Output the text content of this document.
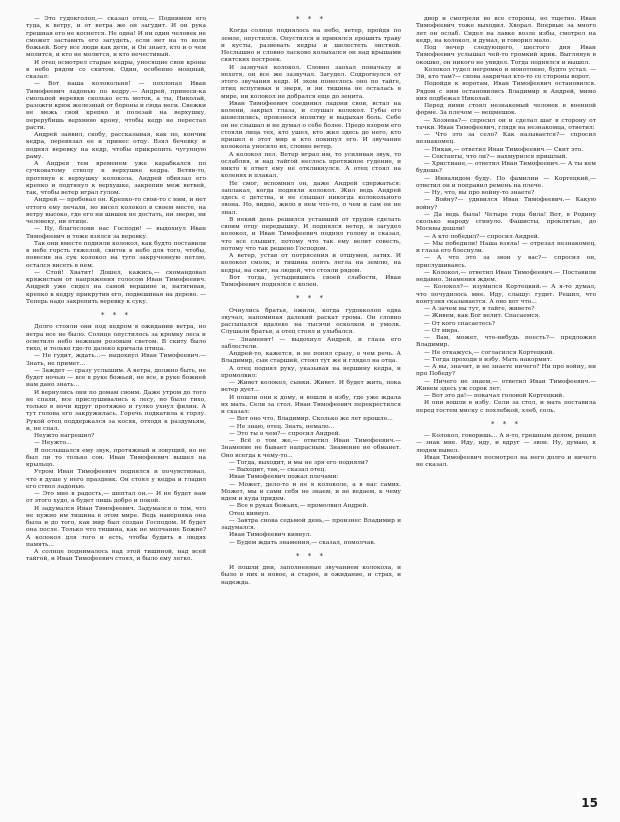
— Это гудокголоп,— сказал отец.— Поднимем его туда, к ветру, и от ветра же он загудит. И он рука грешная его не коснется. Не одна! И ни один человек не сможет заставить его загудеть, если нет на то воли божьей. Богу все люди как дети, и Он знает, кто и о чем молится, и кто не молится, и кто нечестивый.

И отец осмотрел старые кедры, уносящие свои кроны в небо рядом со скитом. Один, особенно мощный, сказал:

— Вот наша колокольня! — похлопал Иван Тимофеевич ладонью по кедру.— Андрей, принеси-ка смольной веревки сколько есть моток, а ты, Николай, разожги крюк железный от бороны и сюда неси. Свежки не межь свой крепко и полезай на верхушку, перерубишь верхнюю крону, чтобы кедр не перестал расти.

Андрей заявил, скобу, рассказывая, как по, кончик кедра, перевязал ее и принес отцу. Взял бечевку и поднял веревку на кедр, чтобы прикрепить чугунную раму.

А Андрея тем временем уже карабкался по сучковатому стволу к верхушке кедра. Ветви-то, протянув к верхушку колокола. Андрей обвязал его крепко и подтянул к верхушке, закрепив меж ветвей, так, чтобы ветер играл гулом.

Андрей — пробовал он. Крепко-то свои-то с ним, и нет оттого ему печали, но висел колокол в своем месте, на ветру высоко, где его ни шишек не достать, ни зверю, ни человеку, ни птице.

— Ну, благослови нас Господи! — выдохнул Иван Тимофеевич и тоже взялся за веревку.

Так они вместе подняли колокол, как будто поставили в небе горсть тяжелой, свиток в небо для того, чтобы, повесив на сук колокол на туго закрученную петлю, остался висеть в нем.

— Стой! Хватит! Дошел, кажись,— скомандовал кряжистым от напряжения голосом Иван Тимофеевич. Андрей уже сидел на самой вершине и, натягивая, крепко к кедру прикрутив его, подвешивая на дерево. — Теперь надо закрепить веревку к суку.

* * *

Долго стояли они под кедром в ожидании ветра, но ветра все не было. Солнце опустилось за кромку леса и осветило небо нежным розовым светом. В скиту было тихо, и только где-то далеко кричала птица.

— Не гудит, ждать...— выдохнул Иван Тимофеевич.— Знать, не примет...

— Заждет — сразу услышим. А ветра, должно быть, не будет ночью — все в руке божьей, не все, в руке божией нам дано знать...

И вернулись они по домам своим. Даже утром до того не спали, все прислушивались к лесу, но было тихо, только в ночи вдруг протяжно и гулко ухнул филин. А тут голова его закружилась. Горечь подкатила к горлу. Рукой отец поддержался за косяк, отходя к раздумьям, и, не спал.

Неужто нагрешил?

— Неужто...

Я послышался ему звук, протяжный и зовущий, но не был ли то только сон. Иван Тимофеевич вышел на крыльцо.

Утром Иван Тимофеевич поднялся и почувствовал, что в душе у него праздник. Он стоял у кедра и гладил его ствол ладонью.

— Это мне в радость,— шептал он.— И не будет нам от этого худо, а будет лишь добро и покой.

И задумался Иван Тимофеевич. Задумался о том, что не нужно им тишина в этом мире. Ведь наверняка она была и до того, как мир был создан Господом. И будет она после. Только что тишина, как не молчание Божие? А колокол для того и есть, чтобы будить в людях память...

А солнце поднималось над этой тишиной, над всей тайгой, и Иван Тимофеевич стоял, и было ему легко.

* * *

Когда солнце поднялось на небо, ветер, пройдя по земле, опустился. Опустился и принялся ерошить траву и кусты, развевать кедры и шелестеть листвой. Неслышно и словно ласково колыхался он над крышами скитских построек.

И зазвучал колокол. Словно заохал поначалу и нехотя, он все же зазвучал. Загудел. Содрогнулся от этого звучания кедр. И эхом понеслось оно по тайге, птиц вспугивая и зверя, и ни тишина не осталась в мире, ни колокол не добрался еще до зенита.

Иван Тимофеевич соединил ладони свои, встал на колени, закрыл глаза, и слушал колокол. Губы его шевелились, произнося молитву и выдыхая боль. Себе он не слышал и не думал о себе более. Предо взором его стояли лица тех, кто ушел, кто жил здесь до него, кто пришел в этот мир и кто покинул его. И звучание колокола уносило их, словно ветер.

А колокол пел. Ветер играл им, то усиливая звук, то ослабляя, и над тайгой неслось протяжное гудение, и никто в ответ ему не откликнулся. А отец стоял на коленях и плакал.

Не смог, вспомнил он, даже Андрей сдержаться: заплакал, когда подняли колокол. Жил ведь Андрей здесь с детства, и не слышал никогда колокольного звона. Но, видно, жило в нем что-то, о чем и сам он не знал.

В некий день решился уставший от трудов сделать своим отцу передышку. И поднялся ветер, и загудел колокол, и Иван Тимофеевич поднял голову и сказал, что все слышит, потому что так ему велит совесть, потому что так решено Господом.

А ветер, устав от потрясения и отшумев, затих. И колокол смолк, и тишина опять легла на землю, на кедры, на скит, на людей, что стояли рядом.

Вот тогда, устыдившись своей слабости, Иван Тимофеевич поднялся с колен.

* * *

Очнулись братья, ожили, когда гудокколоп едва звучал, напоминая далекий раскат грома. Он словно рассыпался вдалеке на тысячи осколков и умолк. Слушали братья, а отец стоял и улыбался.

— Знаменит! — выдохнул Андрей, и глаза его заблестели.

Андрей-то, кажется, и не понял сразу, о чем речь. А Владимир, сын старший, стоял тут же и глядел на отца.

А отец поднял руку, указывая на вершину кедра, и промолвил:

— Живет колокол, сынки. Живет. И будет жить, пока ветер дует...

И пошли они к дому, и вошли в избу, где уже ждала их мать. Сели за стол. Иван Тимофеевич перекрестился и сказал:

— Вот оно что, Владимир. Сколько же лет прошло...

— Не знаю, отец. Знать, немало...

— Это ты о чем?— спросил Андрей.

— Всё о том же,— ответил Иван Тимофеевич.— Знамение не бывает напрасным. Знамение не обманет. Оно всегда к чему-то...

— Тогда, выходит, и мы не зря его подняли?

— Выходит, так,— сказал отец.

Иван Тимофеевич пожал плечами:

— Может, дело-то и не в колоколе, а в нас самих. Может, мы и сами себя не знаем, и не ведаем, к чему идем и куда придем.

— Все в руках божьих,— промолвил Андрей.

Отец кивнул.

— Завтра снова седьмой день,— произнес Владимир и задумался.

Иван Тимофеевич кивнул.

— Будем ждать знамения,— сказал, помолчав.

* * *

И пошли дни, заполненные звучанием колокола, и было в них и новое, и старое, и ожидание, и страх, и надежда.

двор и смотрели во все стороны, но тщетно. Иван Тимофеевич тоже выходил. Хворал. Впервые за много лет он ослаб. Сидел на лавке возле избы, смотрел на кедр, на колокол, и думал, и говорил мало.

Под вечер следующего, шестого дня Иван Тимофеевич услышал чей-то громкий крик. Выглянув в окошко, он никого не увидел. Тогда поднялся и вышел.

Колокол гудел негромко и монотонно, будто устал. — Эй, кто там?— снова закричал кто-то со стороны ворот.

Подойдя к воротам, Иван Тимофеевич остановился. Рядом с ним остановились Владимир и Андрей, мимо них подбежал Николай.

Перед ними стоял незнакомый человек в военной форме. За плечом — вещмешок.

— Хозяева?— спросил он и сделал шаг в сторону от тачки. Иван Тимофеевич, глядя на незнакомца, ответил:

— Что это за село? Как называется?— спросил незнакомец.

— Никак,— ответил Иван Тимофеевич.— Скит это.

— Сектанты, что ли?— нахмурился пришлый.

— Христиане,— ответил Иван Тимофеевич.— А ты кем будешь?

— Инвалидом буду. По фамилии — Кортецкий,— ответил он и поправил ремень на плече.

— Ну, что, вы про войну-то знаете?

— Войну?— удивился Иван Тимофеевич.— Какую войну?

— Да ведь была! Четыре года била! Вот, в Родину сколько народу сгинуло. Фашисты, проклятые, до Москвы дошли!

— А кто победил?— спросил Андрей.

— Мы победили! Наша взяла! — отрезал незнакомец, и глаза его блеснули.

— А что это за звон у вас?— спросил он, прислушиваясь.

— Колокол,— ответил Иван Тимофеевич.— Поставили недавно. Знамения ждем.

— Колокол?— изумился Кортецкий.— А я-то думал, что почудилось мне. Иду, слышу: гудит. Решил, что контузия сказывается. А оно вот что...

— А зачем вы тут, в тайге, живете?

— Живем, как Бог велит. Спасаемся.

— От кого спасаетесь?

— От мира.

— Вам, может, что-нибудь поесть?— предложил Владимир.

— Не откажусь,— согласился Кортецкий.

— Тогда проходи в избу. Мать накормит.

— А вы, значит, и не знаете ничего? Ни про войну, ни про Победу?

— Ничего не знаем,— ответил Иван Тимофеевич.— Живем здесь уж сорок лет.

— Вот это да!— покачал головой Кортецкий.

И они вошли в избу. Сели за стол, и мать поставила перед гостем миску с похлебкой, хлеб, соль.

* * *

— Колокол, говоришь... А я-то, грешным делом, решил — знак мне. Иду, иду, и вдруг — звон. Ну, думаю, к людям вывел.

Иван Тимофеевич посмотрел на него долго и ничего не сказал.

15
